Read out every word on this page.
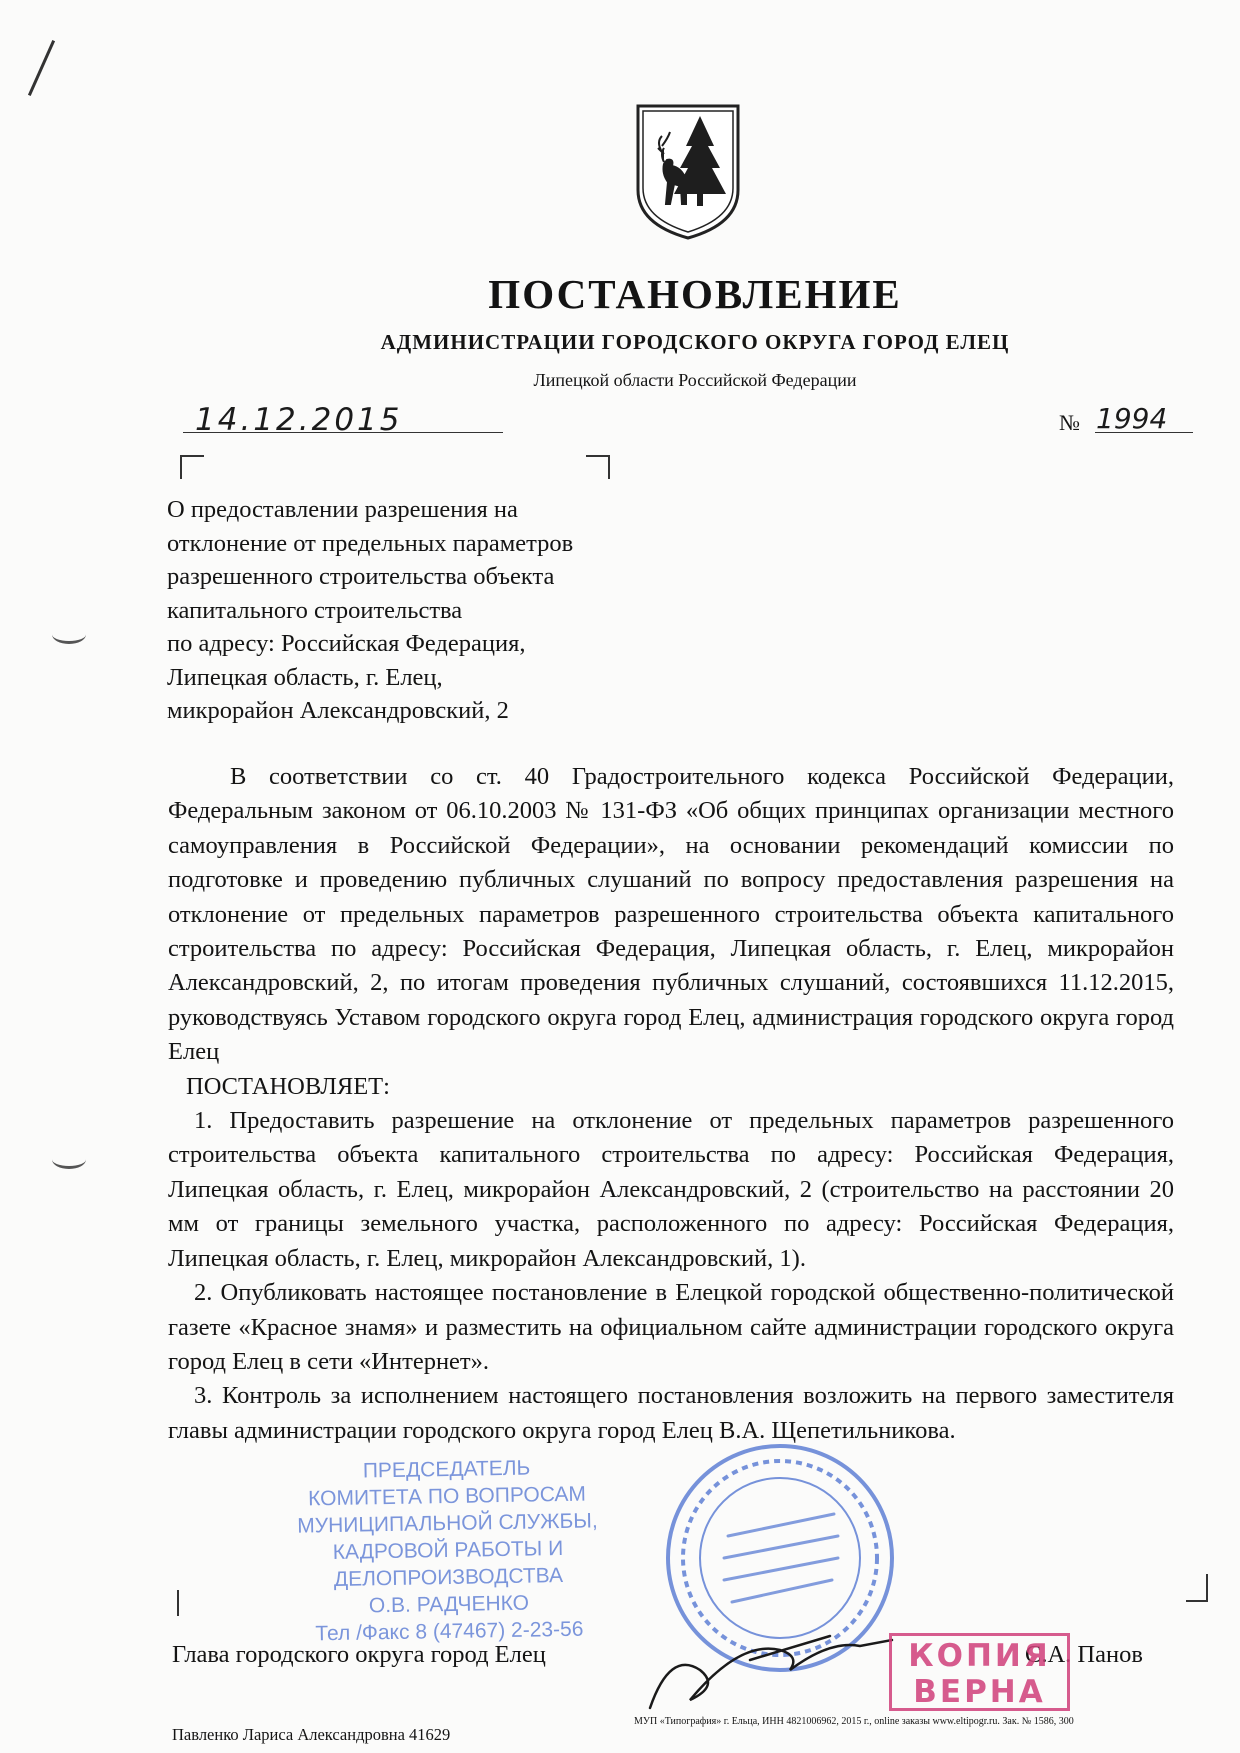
ПОСТАНОВЛЕНИЕ
АДМИНИСТРАЦИИ ГОРОДСКОГО ОКРУГА ГОРОД ЕЛЕЦ
Липецкой области Российской Федерации
14.12.2015	№ 1994
О предоставлении разрешения на
отклонение от предельных параметров
разрешенного строительства объекта
капитального строительства
по адресу: Российская Федерация,
Липецкая область, г. Елец,
микрорайон Александровский, 2

В соответствии со ст. 40 Градостроительного кодекса Российской Федерации, Федеральным законом от 06.10.2003 № 131-ФЗ «Об общих принципах организации местного самоуправления в Российской Федерации», на основании рекомендаций комиссии по подготовке и проведению публичных слушаний по вопросу предоставления разрешения на отклонение от предельных параметров разрешенного строительства объекта капитального строительства по адресу: Российская Федерация, Липецкая область, г. Елец, микрорайон Александровский, 2, по итогам проведения публичных слушаний, состоявшихся 11.12.2015, руководствуясь Уставом городского округа город Елец, администрация городского округа город Елец

ПОСТАНОВЛЯЕТ:

1. Предоставить разрешение на отклонение от предельных параметров разрешенного строительства объекта капитального строительства по адресу: Российская Федерация, Липецкая область, г. Елец, микрорайон Александровский, 2 (строительство на расстоянии 20 мм от границы земельного участка, расположенного по адресу: Российская Федерация, Липецкая область, г. Елец, микрорайон Александровский, 1).

2. Опубликовать настоящее постановление в Елецкой городской общественно-политической газете «Красное знамя» и разместить на официальном сайте администрации городского округа город Елец в сети «Интернет».

3. Контроль за исполнением настоящего постановления возложить на первого заместителя главы администрации городского округа город Елец В.А. Щепетильникова.

ПРЕДСЕДАТЕЛЬ
КОМИТЕТА ПО ВОПРОСАМ
МУНИЦИПАЛЬНОЙ СЛУЖБЫ,
КАДРОВОЙ РАБОТЫ И
ДЕЛОПРОИЗВОДСТВА
О.В. РАДЧЕНКО
Тел /Факс 8 (47467) 2-23-56
Глава городского округа город Елец	С.А. Панов
КОПИЯ
ВЕРНА
МУП «Типография» г. Ельца, ИНН 4821006962, 2015 г., online заказы www.eltipogr.ru. Зак. № 1586, 300
Павленко Лариса Александровна 41629
